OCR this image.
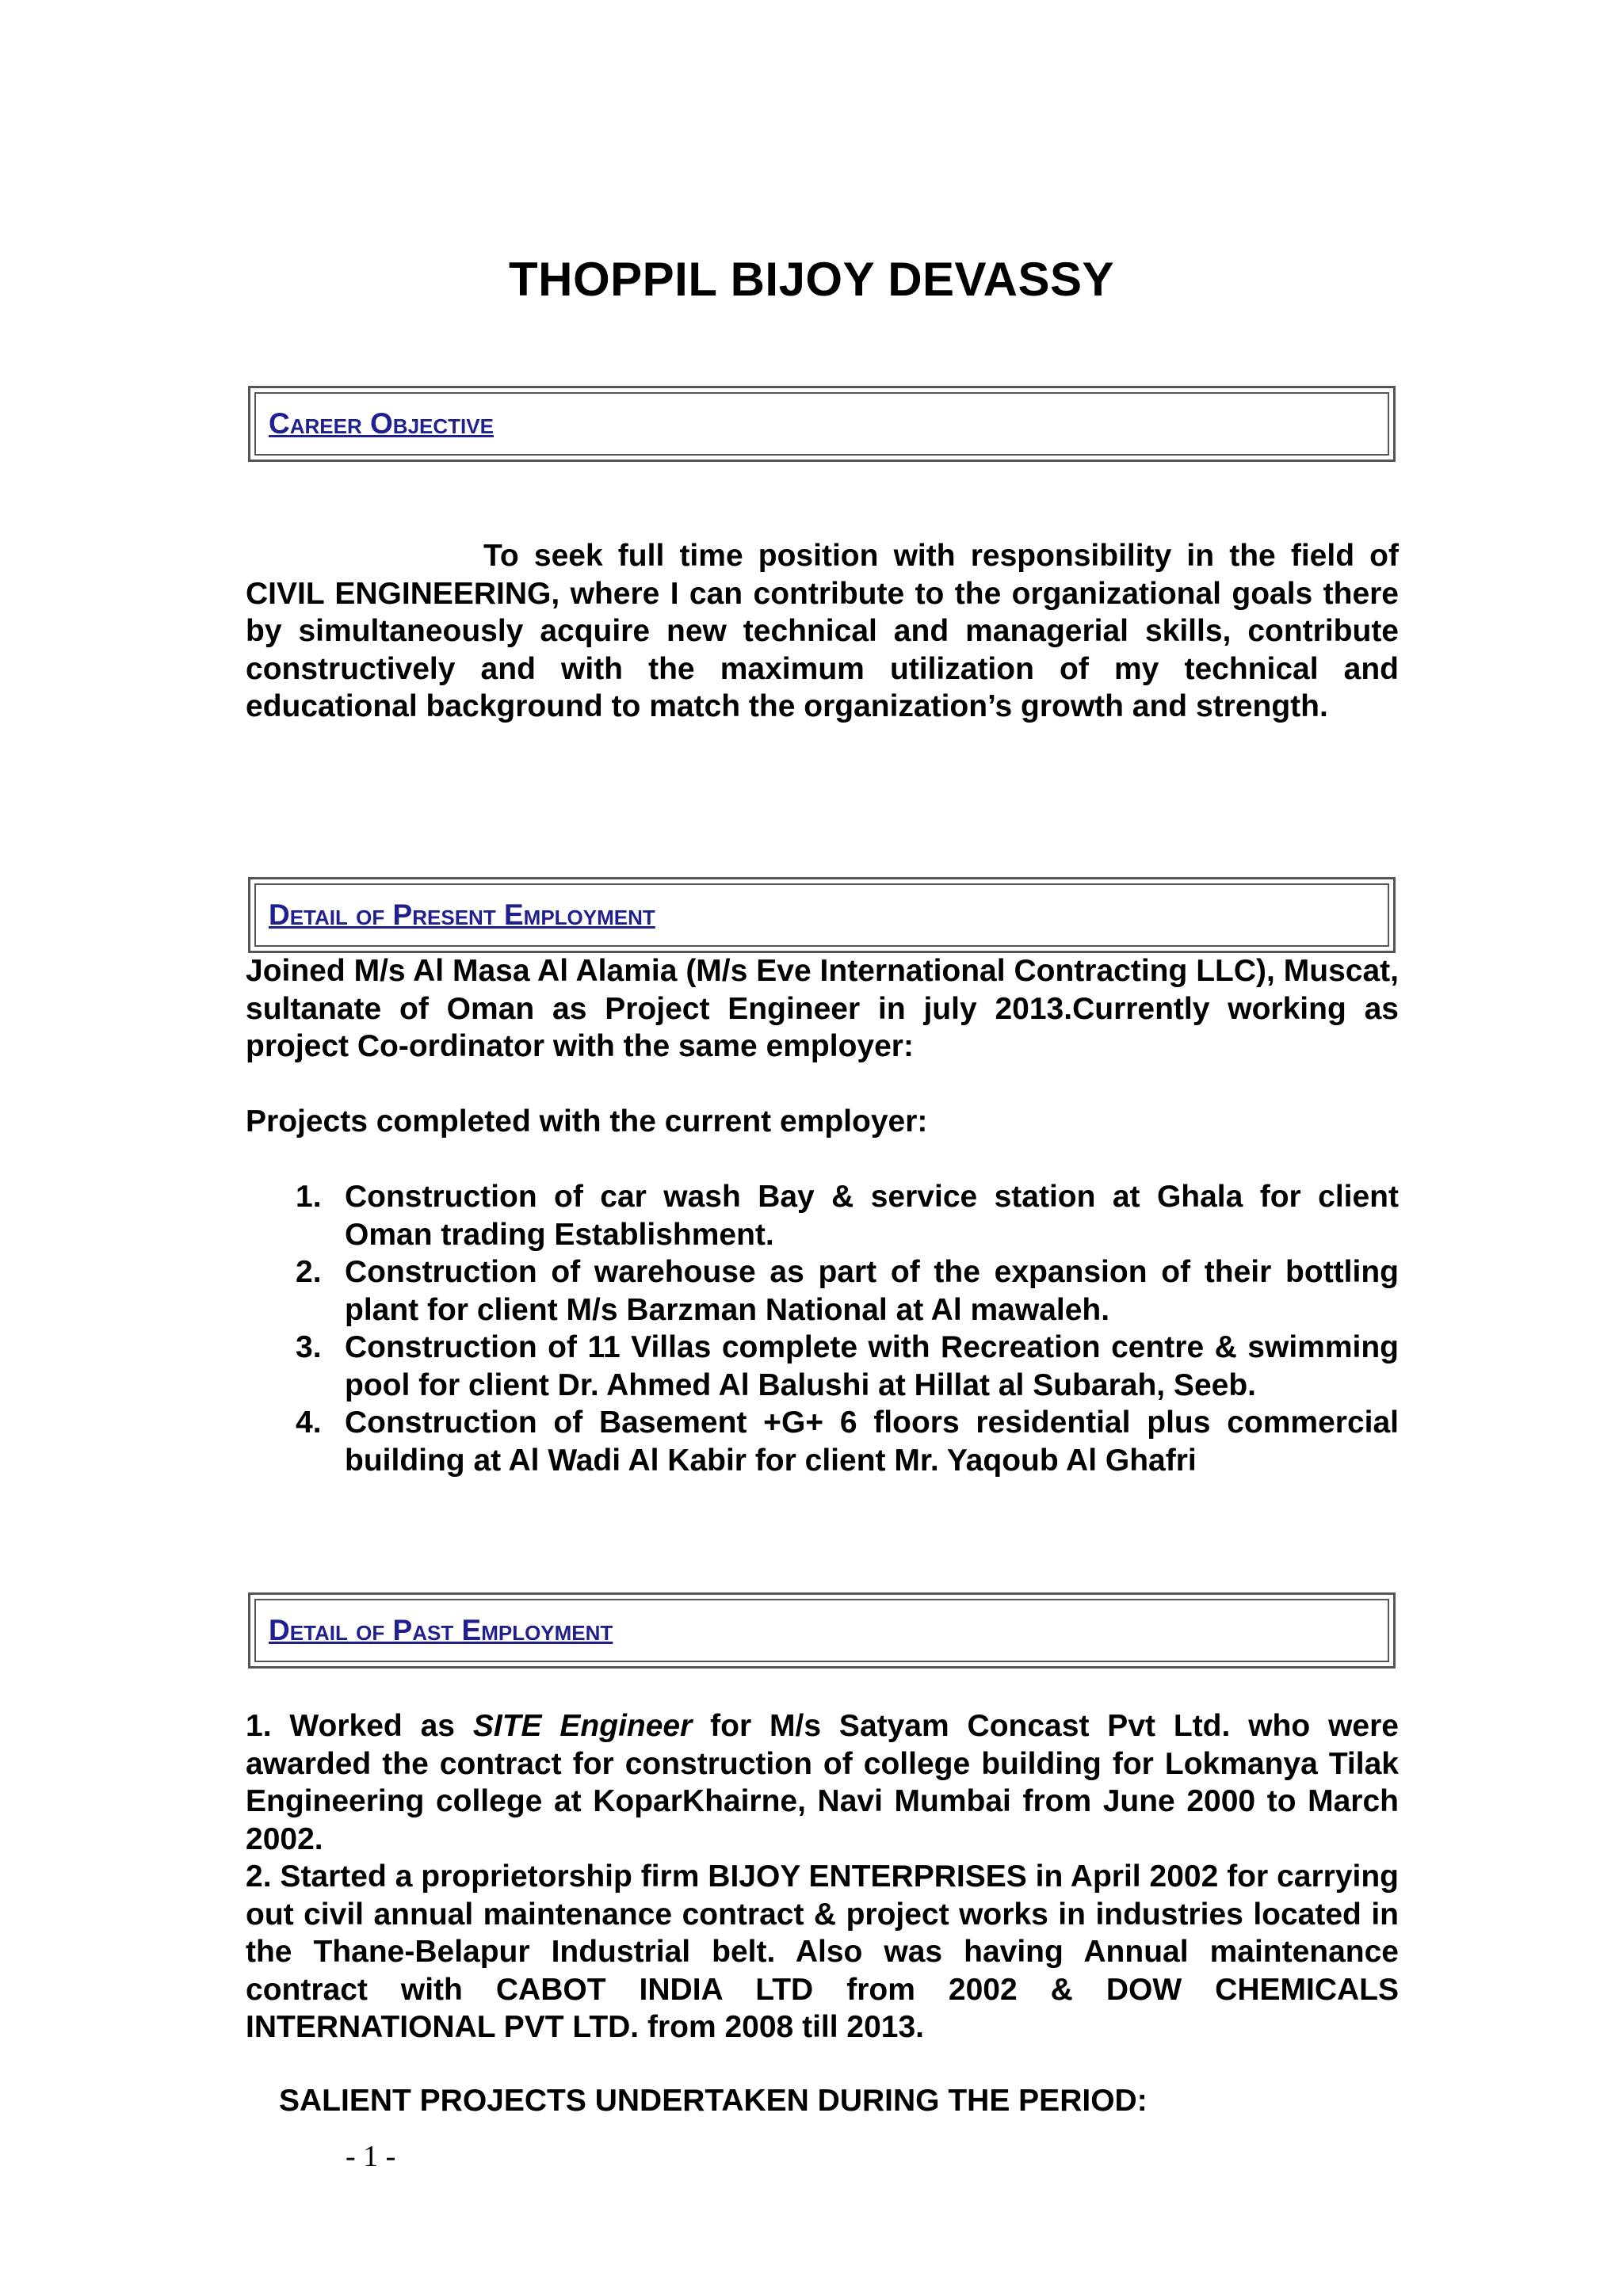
THOPPIL BIJOY DEVASSY
Career Objective
To seek full time position with responsibility in the field of CIVIL ENGINEERING, where I can contribute to the organizational goals there by simultaneously acquire new technical and managerial skills, contribute constructively and with the maximum utilization of my technical and educational background to match the organization’s growth and strength.
Detail of Present Employment
Joined M/s Al Masa Al Alamia (M/s Eve International Contracting LLC), Muscat, sultanate of Oman as Project Engineer in july 2013.Currently working as project Co-ordinator with the same employer:
Projects completed with the current employer:
1. Construction of car wash Bay & service station at Ghala for client Oman trading Establishment.
2. Construction of warehouse as part of the expansion of their bottling plant for client M/s Barzman National at Al mawaleh.
3. Construction of 11 Villas complete with Recreation centre & swimming pool for client Dr. Ahmed Al Balushi at Hillat al Subarah, Seeb.
4. Construction of Basement +G+ 6 floors residential plus commercial building at Al Wadi Al Kabir for client Mr. Yaqoub Al Ghafri
Detail of Past Employment
1. Worked as SITE Engineer for M/s Satyam Concast Pvt Ltd. who were awarded the contract for construction of college building for Lokmanya Tilak Engineering college at KoparKhairne, Navi Mumbai from June 2000 to March 2002.
2. Started a proprietorship firm BIJOY ENTERPRISES in April 2002 for carrying out civil annual maintenance contract & project works in industries located in the Thane-Belapur Industrial belt. Also was having Annual maintenance contract with CABOT INDIA LTD from 2002 & DOW CHEMICALS INTERNATIONAL PVT LTD. from 2008 till 2013.
SALIENT PROJECTS UNDERTAKEN DURING THE PERIOD:
- 1 -
